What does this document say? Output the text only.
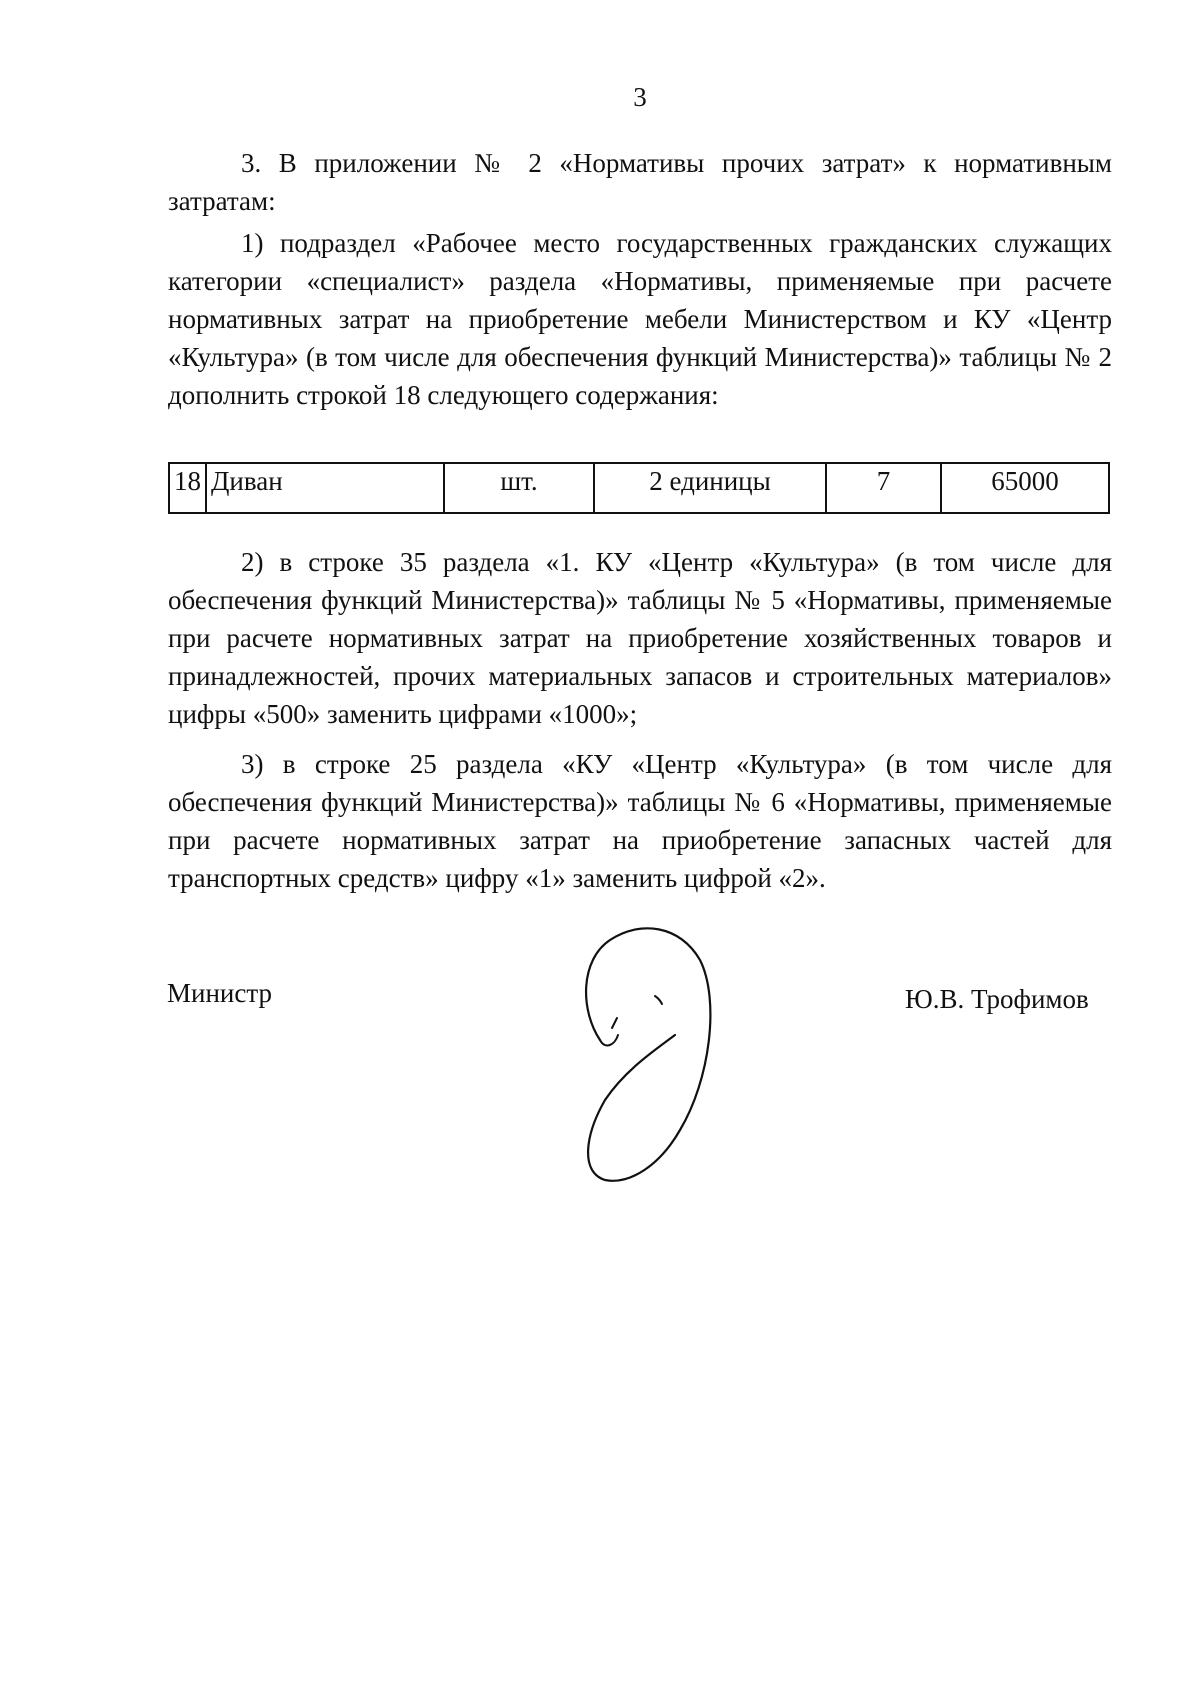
3

3. В приложении № 2 «Нормативы прочих затрат» к нормативным затратам:

1) подраздел «Рабочее место государственных гражданских служащих категории «специалист» раздела «Нормативы, применяемые при расчете нормативных затрат на приобретение мебели Министерством и КУ «Центр «Культура» (в том числе для обеспечения функций Министерства)» таблицы № 2 дополнить строкой 18 следующего содержания:

18	Диван	шт.	2 единицы	7	65000

2) в строке 35 раздела «1. КУ «Центр «Культура» (в том числе для обеспечения функций Министерства)» таблицы № 5 «Нормативы, применяемые при расчете нормативных затрат на приобретение хозяйственных товаров и принадлежностей, прочих материальных запасов и строительных материалов» цифры «500» заменить цифрами «1000»;

3) в строке 25 раздела «КУ «Центр «Культура» (в том числе для обеспечения функций Министерства)» таблицы № 6 «Нормативы, применяемые при расчете нормативных затрат на приобретение запасных частей для транспортных средств» цифру «1» заменить цифрой «2».

Министр	Ю.В. Трофимов
